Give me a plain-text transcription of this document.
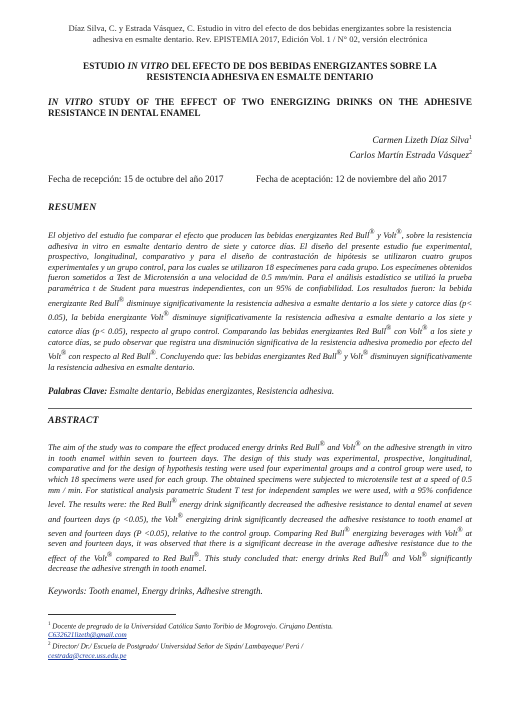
Díaz Silva, C. y Estrada Vásquez, C. Estudio in vitro del efecto de dos bebidas energizantes sobre la resistencia
adhesiva en esmalte dentario. Rev. EPISTEMIA 2017, Edición Vol. 1 / N° 02, versión electrónica
ESTUDIO IN VITRO DEL EFECTO DE DOS BEBIDAS ENERGIZANTES SOBRE LA
RESISTENCIA ADHESIVA EN ESMALTE DENTARIO
IN VITRO STUDY OF THE EFFECT OF TWO ENERGIZING DRINKS ON THE ADHESIVE RESISTANCE IN DENTAL ENAMEL
Carmen Lizeth Díaz Silva$^1$
Carlos Martín Estrada Vásquez$^2$
Fecha de recepción: 15 de octubre del año 2017	Fecha de aceptación: 12 de noviembre del año 2017
RESUMEN
El objetivo del estudio fue comparar el efecto que producen las bebidas energizantes Red Bull® y Volt®, sobre la resistencia adhesiva in vitro en esmalte dentario dentro de siete y catorce días. El diseño del presente estudio fue experimental, prospectivo, longitudinal, comparativo y para el diseño de contrastación de hipótesis se utilizaron cuatro grupos experimentales y un grupo control, para los cuales se utilizaron 18 especímenes para cada grupo. Los especímenes obtenidos fueron sometidos a Test de Microtensión a una velocidad de 0.5 mm/min. Para el análisis estadístico se utilizó la prueba paramétrica t de Student para muestras independientes, con un 95% de confiabilidad. Los resultados fueron: la bebida energizante Red Bull® disminuye significativamente la resistencia adhesiva a esmalte dentario a los siete y catorce días (p< 0.05), la bebida energizante Volt® disminuye significativamente la resistencia adhesiva a esmalte dentario a los siete y catorce días (p< 0.05), respecto al grupo control. Comparando las bebidas energizantes Red Bull® con Volt® a los siete y catorce días, se pudo observar que registra una disminución significativa de la resistencia adhesiva promedio por efecto del Volt® con respecto al Red Bull®. Concluyendo que: las bebidas energizantes Red Bull® y Volt® disminuyen significativamente la resistencia adhesiva en esmalte dentario.
Palabras Clave: Esmalte dentario, Bebidas energizantes, Resistencia adhesiva.
ABSTRACT
The aim of the study was to compare the effect produced energy drinks Red Bull® and Volt® on the adhesive strength in vitro in tooth enamel within seven to fourteen days. The design of this study was experimental, prospective, longitudinal, comparative and for the design of hypothesis testing were used four experimental groups and a control group were used, to which 18 specimens were used for each group. The obtained specimens were subjected to microtensile test at a speed of 0.5 mm / min. For statistical analysis parametric Student T test for independent samples we were used, with a 95% confidence level. The results were: the Red Bull® energy drink significantly decreased the adhesive resistance to dental enamel at seven and fourteen days (p <0.05), the Volt® energizing drink significantly decreased the adhesive resistance to tooth enamel at seven and fourteen days (P <0.05), relative to the control group. Comparing Red Bull® energizing beverages with Volt® at seven and fourteen days, it was observed that there is a significant decrease in the average adhesive resistance due to the effect of the Volt® compared to Red Bull®. This study concluded that: energy drinks Red Bull® and Volt® significantly decrease the adhesive strength in tooth enamel.
Keywords: Tooth enamel, Energy drinks, Adhesive strength.
$^1$ Docente de pregrado de la Universidad Católica Santo Toribio de Mogrovejo. Cirujano Dentista.
C632621lizeth@gmail.com
$^2$ Director/ Dr./ Escuela de Postgrado/ Universidad Señor de Sipán/ Lambayeque/ Perú /
cestrada@crece.uss.edu.pe
